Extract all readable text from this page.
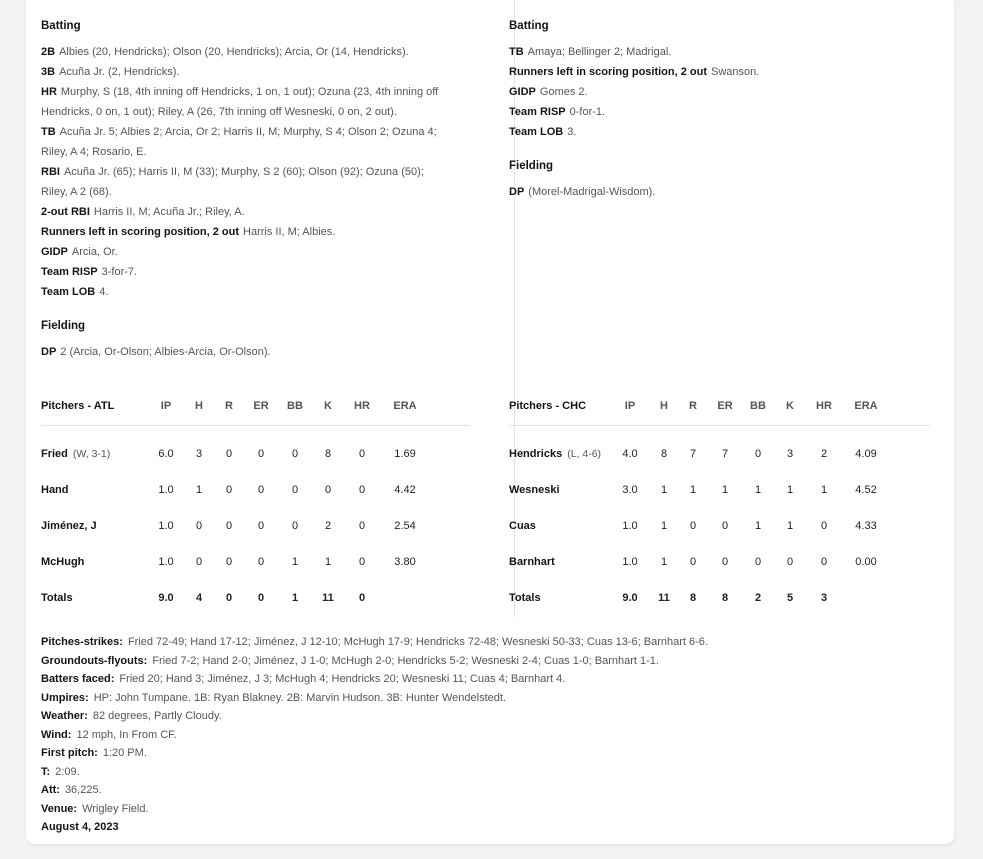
Batting
2B Albies (20, Hendricks); Olson (20, Hendricks); Arcia, Or (14, Hendricks).
3B Acuña Jr. (2, Hendricks).
HR Murphy, S (18, 4th inning off Hendricks, 1 on, 1 out); Ozuna (23, 4th inning off
Hendricks, 0 on, 1 out); Riley, A (26, 7th inning off Wesneski, 0 on, 2 out).
TB Acuña Jr. 5; Albies 2; Arcia, Or 2; Harris II, M; Murphy, S 4; Olson 2; Ozuna 4;
Riley, A 4; Rosario, E.
RBI Acuña Jr. (65); Harris II, M (33); Murphy, S 2 (60); Olson (92); Ozuna (50);
Riley, A 2 (68).
2-out RBI Harris II, M; Acuña Jr.; Riley, A.
Runners left in scoring position, 2 out Harris II, M; Albies.
GIDP Arcia, Or.
Team RISP 3-for-7.
Team LOB 4.
Fielding
DP 2 (Arcia, Or-Olson; Albies-Arcia, Or-Olson).
Batting
TB Amaya; Bellinger 2; Madrigal.
Runners left in scoring position, 2 out Swanson.
GIDP Gomes 2.
Team RISP 0-for-1.
Team LOB 3.
Fielding
DP (Morel-Madrigal-Wisdom).
Pitchers - ATL	IP	H	R	ER	BB	K	HR	ERA
Fried (W, 3-1)	6.0	3	0	0	0	8	0	1.69
Hand	1.0	1	0	0	0	0	0	4.42
Jiménez, J	1.0	0	0	0	0	2	0	2.54
McHugh	1.0	0	0	0	1	1	0	3.80
Totals	9.0	4	0	0	1	11	0
Pitchers - CHC	IP	H	R	ER	BB	K	HR	ERA
Hendricks (L, 4-6)	4.0	8	7	7	0	3	2	4.09
Wesneski	3.0	1	1	1	1	1	1	4.52
Cuas	1.0	1	0	0	1	1	0	4.33
Barnhart	1.0	1	0	0	0	0	0	0.00
Totals	9.0	11	8	8	2	5	3
Pitches-strikes: Fried 72-49; Hand 17-12; Jiménez, J 12-10; McHugh 17-9; Hendricks 72-48; Wesneski 50-33; Cuas 13-6; Barnhart 6-6.
Groundouts-flyouts: Fried 7-2; Hand 2-0; Jiménez, J 1-0; McHugh 2-0; Hendricks 5-2; Wesneski 2-4; Cuas 1-0; Barnhart 1-1.
Batters faced: Fried 20; Hand 3; Jiménez, J 3; McHugh 4; Hendricks 20; Wesneski 11; Cuas 4; Barnhart 4.
Umpires: HP: John Tumpane. 1B: Ryan Blakney. 2B: Marvin Hudson. 3B: Hunter Wendelstedt.
Weather: 82 degrees, Partly Cloudy.
Wind: 12 mph, In From CF.
First pitch: 1:20 PM.
T: 2:09.
Att: 36,225.
Venue: Wrigley Field.
August 4, 2023
